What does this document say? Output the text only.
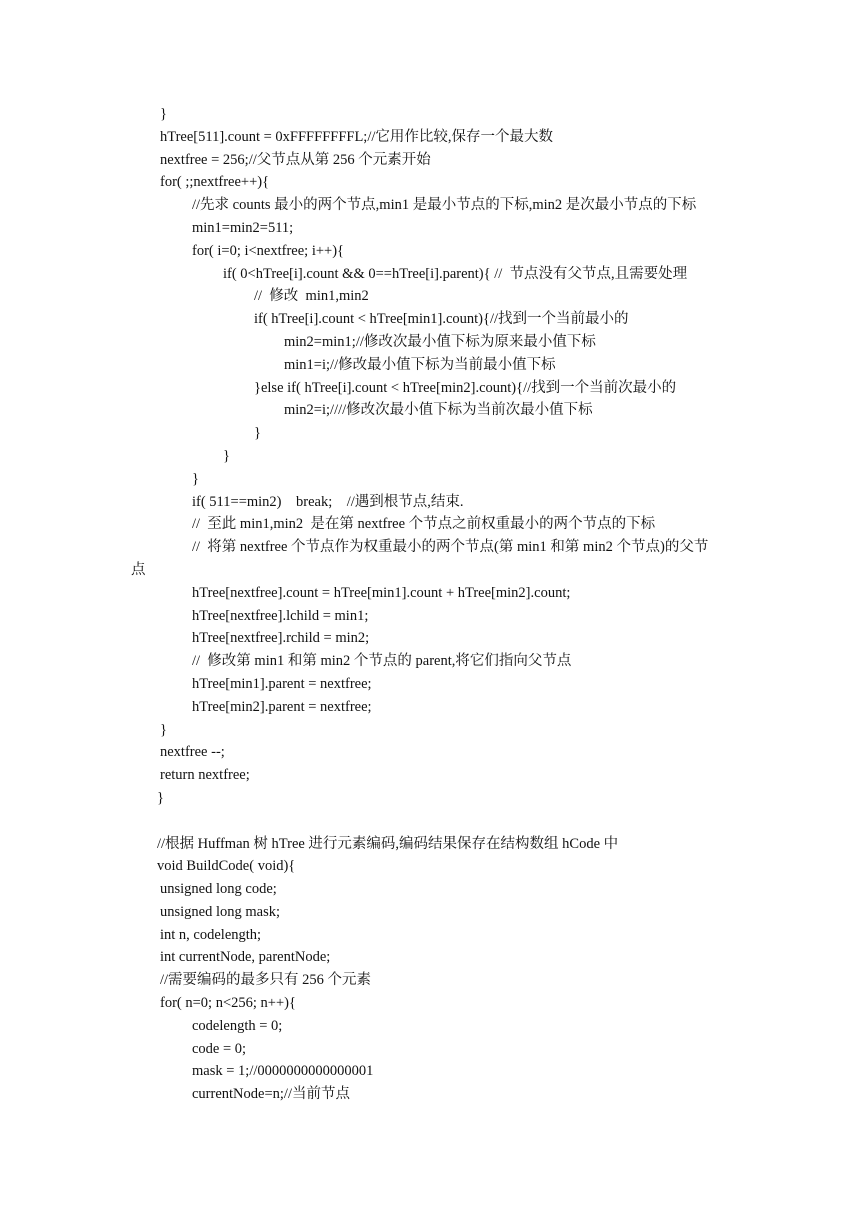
}
hTree[511].count = 0xFFFFFFFFL;//它用作比较,保存一个最大数
nextfree = 256;//父节点从第 256 个元素开始
for( ;;nextfree++){
//先求 counts 最小的两个节点,min1 是最小节点的下标,min2 是次最小节点的下标
min1=min2=511;
for( i=0; i<nextfree; i++){
if( 0<hTree[i].count && 0==hTree[i].parent){ //  节点没有父节点,且需要处理
//  修改  min1,min2
if( hTree[i].count < hTree[min1].count){//找到一个当前最小的
min2=min1;//修改次最小值下标为原来最小值下标
min1=i;//修改最小值下标为当前最小值下标
}else if( hTree[i].count < hTree[min2].count){//找到一个当前次最小的
min2=i;////修改次最小值下标为当前次最小值下标
}
}
}
if( 511==min2)    break;    //遇到根节点,结束.
//  至此 min1,min2  是在第 nextfree 个节点之前权重最小的两个节点的下标
//  将第 nextfree 个节点作为权重最小的两个节点(第 min1 和第 min2 个节点)的父节
点
hTree[nextfree].count = hTree[min1].count + hTree[min2].count;
hTree[nextfree].lchild = min1;
hTree[nextfree].rchild = min2;
//  修改第 min1 和第 min2 个节点的 parent,将它们指向父节点
hTree[min1].parent = nextfree;
hTree[min2].parent = nextfree;
}
nextfree --;
return nextfree;
}
//根据 Huffman 树 hTree 进行元素编码,编码结果保存在结构数组 hCode 中
void BuildCode( void){
unsigned long code;
unsigned long mask;
int n, codelength;
int currentNode, parentNode;
//需要编码的最多只有 256 个元素
for( n=0; n<256; n++){
codelength = 0;
code = 0;
mask = 1;//0000000000000001
currentNode=n;//当前节点
